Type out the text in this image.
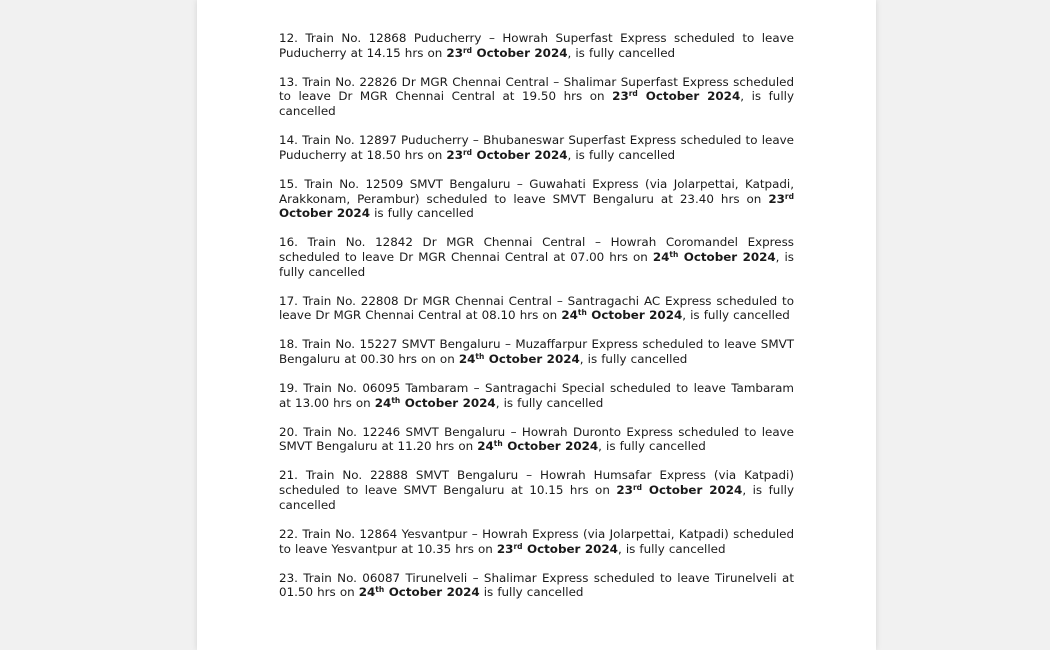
12. Train No. 12868 Puducherry – Howrah Superfast Express scheduled to leave Puducherry at 14.15 hrs on 23rd October 2024, is fully cancelled

13. Train No. 22826 Dr MGR Chennai Central – Shalimar Superfast Express scheduled to leave Dr MGR Chennai Central at 19.50 hrs on 23rd October 2024, is fully cancelled

14. Train No. 12897 Puducherry – Bhubaneswar Superfast Express scheduled to leave Puducherry at 18.50 hrs on 23rd October 2024, is fully cancelled

15. Train No. 12509 SMVT Bengaluru – Guwahati Express (via Jolarpettai, Katpadi, Arakkonam, Perambur) scheduled to leave SMVT Bengaluru at 23.40 hrs on 23rd October 2024 is fully cancelled

16. Train No. 12842 Dr MGR Chennai Central – Howrah Coromandel Express scheduled to leave Dr MGR Chennai Central at 07.00 hrs on 24th October 2024, is fully cancelled

17. Train No. 22808 Dr MGR Chennai Central – Santragachi AC Express scheduled to leave Dr MGR Chennai Central at 08.10 hrs on 24th October 2024, is fully cancelled

18. Train No. 15227 SMVT Bengaluru – Muzaffarpur Express scheduled to leave SMVT Bengaluru at 00.30 hrs on on 24th October 2024, is fully cancelled

19. Train No. 06095 Tambaram – Santragachi Special scheduled to leave Tambaram at 13.00 hrs on 24th October 2024, is fully cancelled

20. Train No. 12246 SMVT Bengaluru – Howrah Duronto Express scheduled to leave SMVT Bengaluru at 11.20 hrs on 24th October 2024, is fully cancelled

21. Train No. 22888 SMVT Bengaluru – Howrah Humsafar Express (via Katpadi) scheduled to leave SMVT Bengaluru at 10.15 hrs on 23rd October 2024, is fully cancelled

22. Train No. 12864 Yesvantpur – Howrah Express (via Jolarpettai, Katpadi) scheduled to leave Yesvantpur at 10.35 hrs on 23rd October 2024, is fully cancelled

23. Train No. 06087 Tirunelveli – Shalimar Express scheduled to leave Tirunelveli at 01.50 hrs on 24th October 2024 is fully cancelled
